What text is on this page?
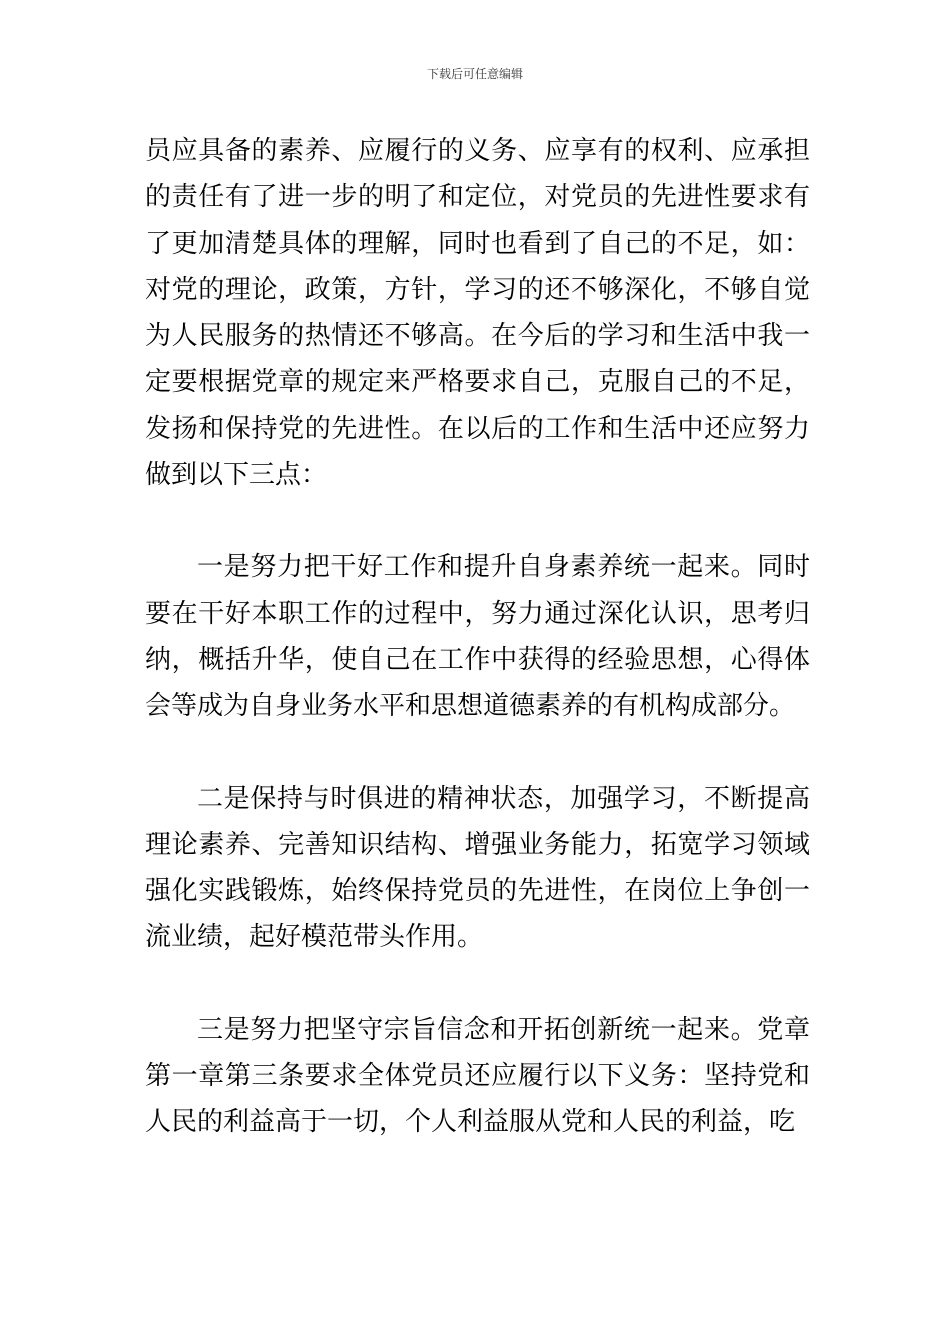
下载后可任意编辑

员应具备的素养、应履行的义务、应享有的权利、应承担的责任有了进一步的明了和定位，对党员的先进性要求有了更加清楚具体的理解，同时也看到了自己的不足，如：对党的理论，政策，方针，学习的还不够深化，不够自觉为人民服务的热情还不够高。在今后的学习和生活中我一定要根据党章的规定来严格要求自己，克服自己的不足，发扬和保持党的先进性。在以后的工作和生活中还应努力做到以下三点：

一是努力把干好工作和提升自身素养统一起来。同时要在干好本职工作的过程中，努力通过深化认识，思考归纳，概括升华，使自己在工作中获得的经验思想，心得体会等成为自身业务水平和思想道德素养的有机构成部分。

二是保持与时俱进的精神状态，加强学习，不断提高理论素养、完善知识结构、增强业务能力，拓宽学习领域强化实践锻炼，始终保持党员的先进性，在岗位上争创一流业绩，起好模范带头作用。

三是努力把坚守宗旨信念和开拓创新统一起来。党章第一章第三条要求全体党员还应履行以下义务：坚持党和人民的利益高于一切，个人利益服从党和人民的利益，吃
